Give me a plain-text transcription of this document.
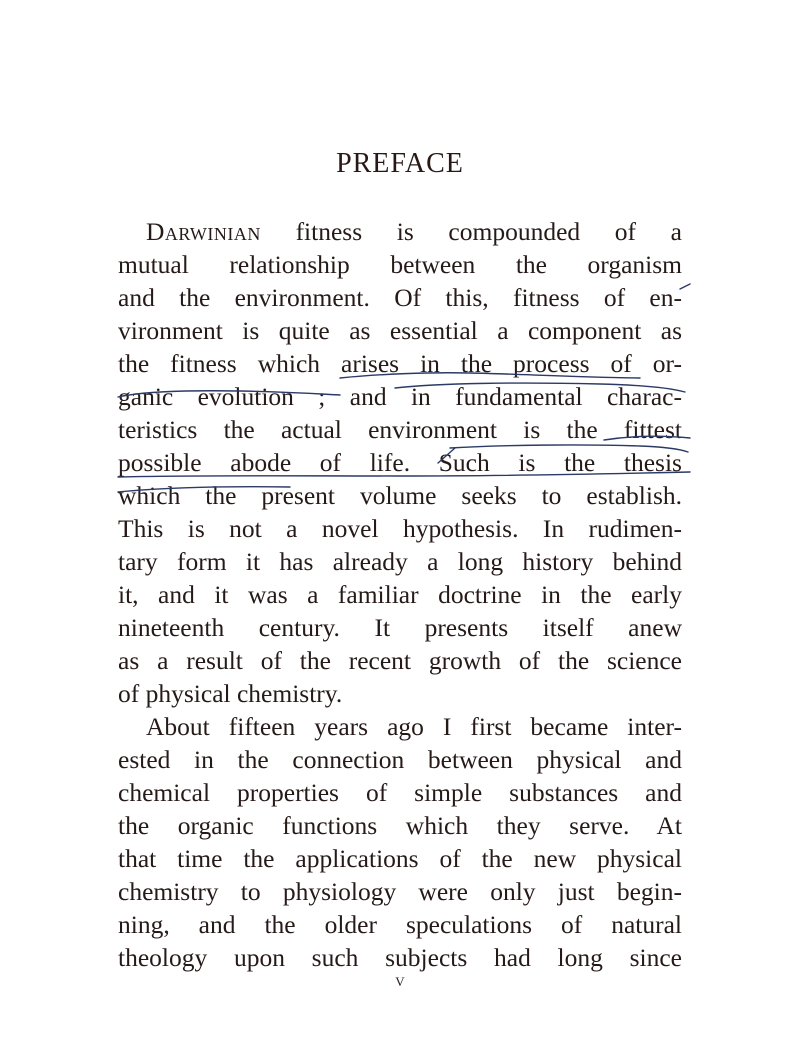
PREFACE
Darwinian fitness is compounded of a
mutual relationship between the organism
and the environment. Of this, fitness of en-
vironment is quite as essential a component as
the fitness which arises in the process of or-
ganic evolution ; and in fundamental charac-
teristics the actual environment is the fittest
possible abode of life. Such is the thesis
which the present volume seeks to establish.
This is not a novel hypothesis. In rudimen-
tary form it has already a long history behind
it, and it was a familiar doctrine in the early
nineteenth century. It presents itself anew
as a result of the recent growth of the science
of physical chemistry.
About fifteen years ago I first became inter-
ested in the connection between physical and
chemical properties of simple substances and
the organic functions which they serve. At
that time the applications of the new physical
chemistry to physiology were only just begin-
ning, and the older speculations of natural
theology upon such subjects had long since
v
